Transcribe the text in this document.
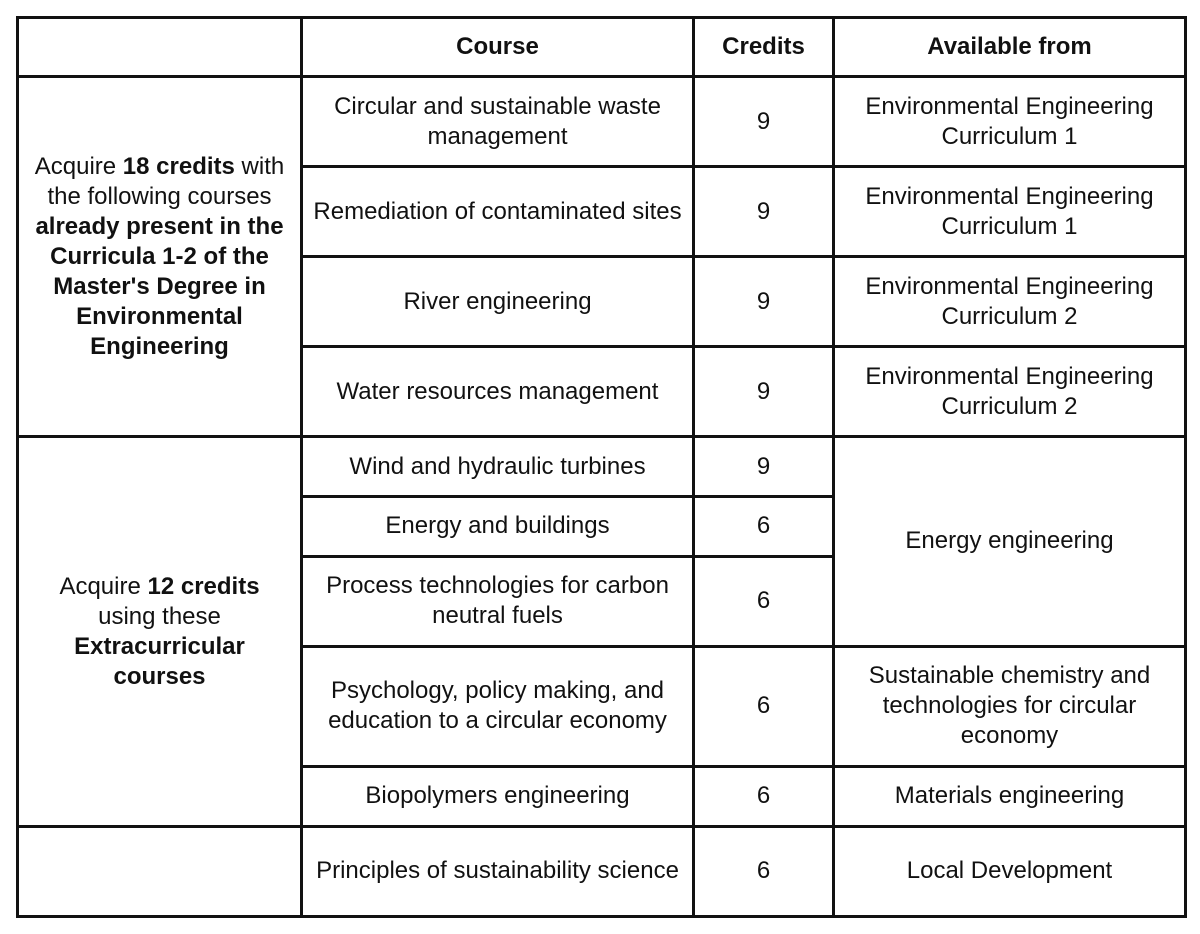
	Course	Credits	Available from
Acquire 18 credits with the following courses already present in the Curricula 1-2 of the Master's Degree in Environmental Engineering	Circular and sustainable waste management	9	Environmental Engineering Curriculum 1
	Remediation of contaminated sites	9	Environmental Engineering Curriculum 1
	River engineering	9	Environmental Engineering Curriculum 2
	Water resources management	9	Environmental Engineering Curriculum 2
Acquire 12 credits using these Extracurricular courses	Wind and hydraulic turbines	9	Energy engineering
	Energy and buildings	6	
	Process technologies for carbon neutral fuels	6	
	Psychology, policy making, and education to a circular economy	6	Sustainable chemistry and technologies for circular economy
	Biopolymers engineering	6	Materials engineering
	Principles of sustainability science	6	Local Development
